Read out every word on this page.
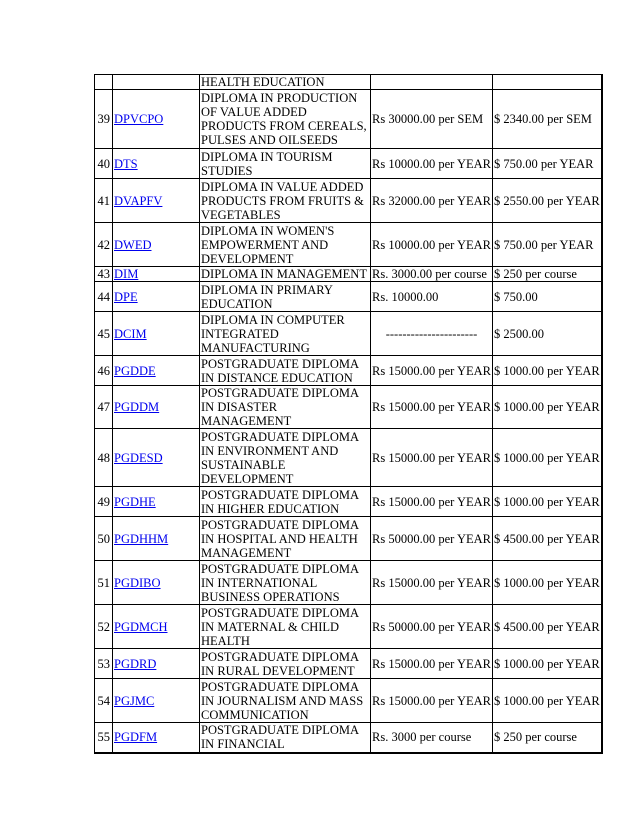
		HEALTH EDUCATION		
39	DPVCPO	DIPLOMA IN PRODUCTION OF VALUE ADDED PRODUCTS FROM CEREALS, PULSES AND OILSEEDS	Rs 30000.00 per SEM	$ 2340.00 per SEM
40	DTS	DIPLOMA IN TOURISM STUDIES	Rs 10000.00 per YEAR	$ 750.00 per YEAR
41	DVAPFV	DIPLOMA IN VALUE ADDED PRODUCTS FROM FRUITS & VEGETABLES	Rs 32000.00 per YEAR	$ 2550.00 per YEAR
42	DWED	DIPLOMA IN WOMEN'S EMPOWERMENT AND DEVELOPMENT	Rs 10000.00 per YEAR	$ 750.00 per YEAR
43	DIM	DIPLOMA IN MANAGEMENT	Rs. 3000.00 per course	$ 250 per course
44	DPE	DIPLOMA IN PRIMARY EDUCATION	Rs. 10000.00	$ 750.00
45	DCIM	DIPLOMA IN COMPUTER INTEGRATED MANUFACTURING	----------------------	$ 2500.00
46	PGDDE	POSTGRADUATE DIPLOMA IN DISTANCE EDUCATION	Rs 15000.00 per YEAR	$ 1000.00 per YEAR
47	PGDDM	POSTGRADUATE DIPLOMA IN DISASTER MANAGEMENT	Rs 15000.00 per YEAR	$ 1000.00 per YEAR
48	PGDESD	POSTGRADUATE DIPLOMA IN ENVIRONMENT AND SUSTAINABLE DEVELOPMENT	Rs 15000.00 per YEAR	$ 1000.00 per YEAR
49	PGDHE	POSTGRADUATE DIPLOMA IN HIGHER EDUCATION	Rs 15000.00 per YEAR	$ 1000.00 per YEAR
50	PGDHHM	POSTGRADUATE DIPLOMA IN HOSPITAL AND HEALTH MANAGEMENT	Rs 50000.00 per YEAR	$ 4500.00 per YEAR
51	PGDIBO	POSTGRADUATE DIPLOMA IN INTERNATIONAL BUSINESS OPERATIONS	Rs 15000.00 per YEAR	$ 1000.00 per YEAR
52	PGDMCH	POSTGRADUATE DIPLOMA IN MATERNAL & CHILD HEALTH	Rs 50000.00 per YEAR	$ 4500.00 per YEAR
53	PGDRD	POSTGRADUATE DIPLOMA IN RURAL DEVELOPMENT	Rs 15000.00 per YEAR	$ 1000.00 per YEAR
54	PGJMC	POSTGRADUATE DIPLOMA IN JOURNALISM AND MASS COMMUNICATION	Rs 15000.00 per YEAR	$ 1000.00 per YEAR
55	PGDFM	POSTGRADUATE DIPLOMA IN FINANCIAL	Rs. 3000 per course	$ 250 per course
